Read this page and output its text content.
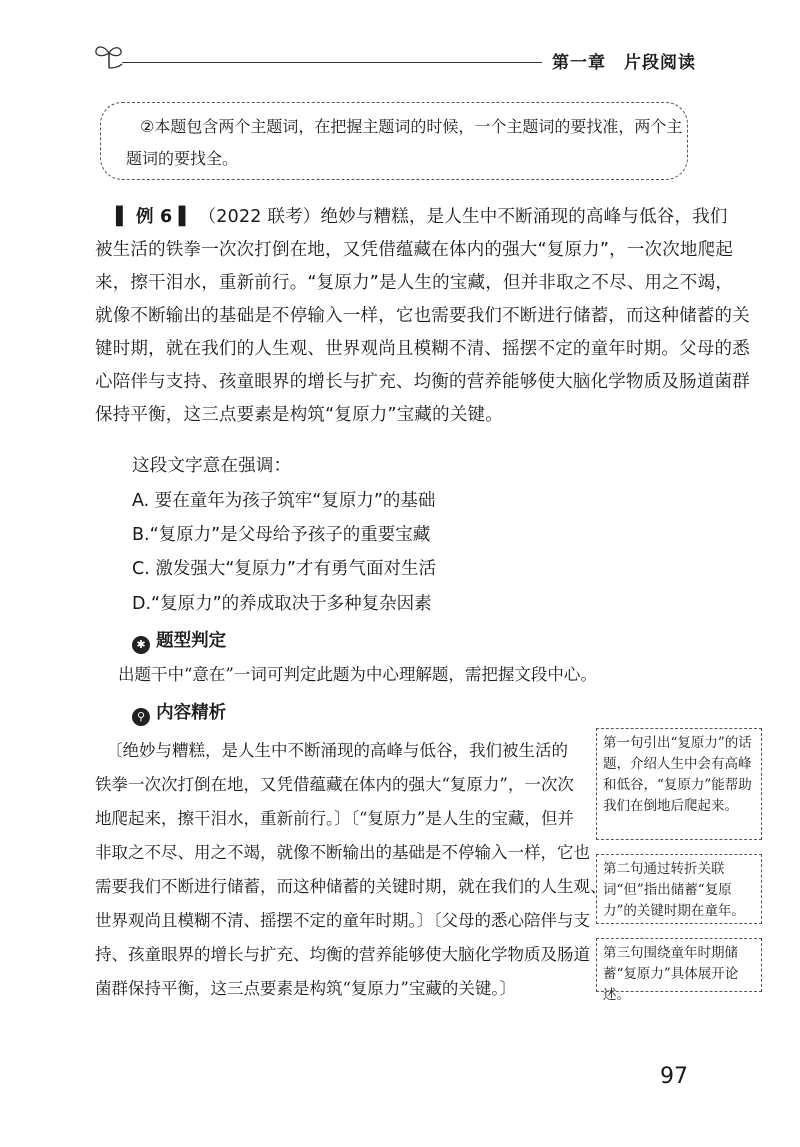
第一章　片段阅读
②本题包含两个主题词，在把握主题词的时候，一个主题词的要找准，两个主
题词的要找全。
▌ 例 6 ▌ （2022 联考）绝妙与糟糕，是人生中不断涌现的高峰与低谷，我们
被生活的铁拳一次次打倒在地，又凭借蕴藏在体内的强大“复原力”，一次次地爬起
来，擦干泪水，重新前行。“复原力”是人生的宝藏，但并非取之不尽、用之不竭，
就像不断输出的基础是不停输入一样，它也需要我们不断进行储蓄，而这种储蓄的关
键时期，就在我们的人生观、世界观尚且模糊不清、摇摆不定的童年时期。父母的悉
心陪伴与支持、孩童眼界的增长与扩充、均衡的营养能够使大脑化学物质及肠道菌群
保持平衡，这三点要素是构筑“复原力”宝藏的关键。
这段文字意在强调：
A. 要在童年为孩子筑牢“复原力”的基础
B.“复原力”是父母给予孩子的重要宝藏
C. 激发强大“复原力”才有勇气面对生活
D.“复原力”的养成取决于多种复杂因素
✱ 题型判定
出题干中“意在”一词可判定此题为中心理解题，需把握文段中心。
⚲ 内容精析
〔绝妙与糟糕，是人生中不断涌现的高峰与低谷，我们被生活的
铁拳一次次打倒在地，又凭借蕴藏在体内的强大“复原力”，一次次
地爬起来，擦干泪水，重新前行。〕〔“复原力”是人生的宝藏，但并
非取之不尽、用之不竭，就像不断输出的基础是不停输入一样，它也
需要我们不断进行储蓄，而这种储蓄的关键时期，就在我们的人生观、
世界观尚且模糊不清、摇摆不定的童年时期。〕〔父母的悉心陪伴与支
持、孩童眼界的增长与扩充、均衡的营养能够使大脑化学物质及肠道
菌群保持平衡，这三点要素是构筑“复原力”宝藏的关键。〕
第一句引出“复原力”的话题，介绍人生中会有高峰和低谷，“复原力”能帮助我们在倒地后爬起来。
第二句通过转折关联词“但”指出储蓄“复原力”的关键时期在童年。
第三句围绕童年时期储蓄“复原力”具体展开论述。
97
